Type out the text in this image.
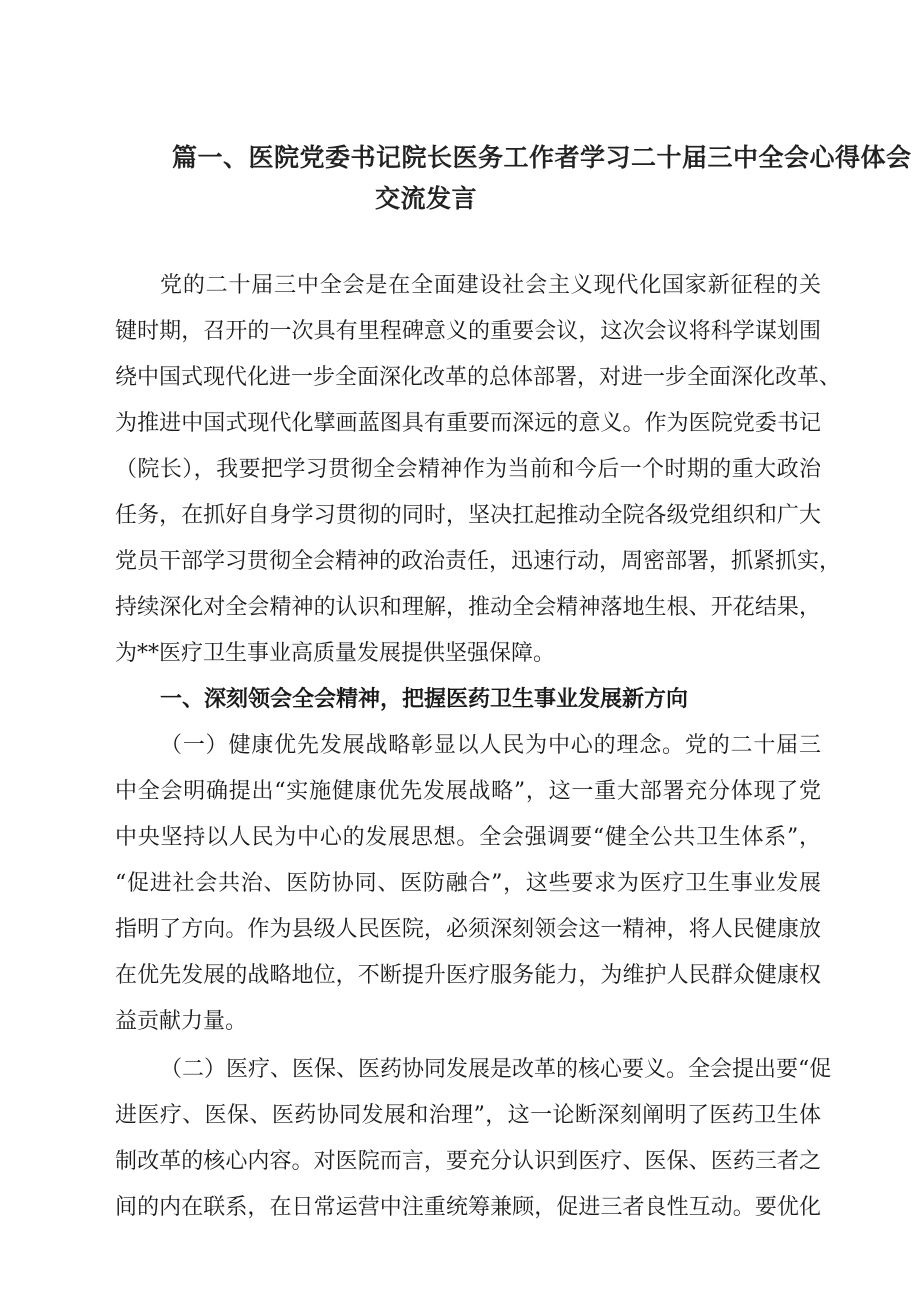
篇一、医院党委书记院长医务工作者学习二十届三中全会心得体会
交流发言
党的二十届三中全会是在全面建设社会主义现代化国家新征程的关
键时期，召开的一次具有里程碑意义的重要会议，这次会议将科学谋划围
绕中国式现代化进一步全面深化改革的总体部署，对进一步全面深化改革、
为推进中国式现代化擘画蓝图具有重要而深远的意义。作为医院党委书记
（院长），我要把学习贯彻全会精神作为当前和今后一个时期的重大政治
任务，在抓好自身学习贯彻的同时，坚决扛起推动全院各级党组织和广大
党员干部学习贯彻全会精神的政治责任，迅速行动，周密部署，抓紧抓实，
持续深化对全会精神的认识和理解，推动全会精神落地生根、开花结果，
为**医疗卫生事业高质量发展提供坚强保障。
一、深刻领会全会精神，把握医药卫生事业发展新方向
（一）健康优先发展战略彰显以人民为中心的理念。党的二十届三
中全会明确提出“实施健康优先发展战略”，这一重大部署充分体现了党
中央坚持以人民为中心的发展思想。全会强调要“健全公共卫生体系”，
“促进社会共治、医防协同、医防融合”，这些要求为医疗卫生事业发展
指明了方向。作为县级人民医院，必须深刻领会这一精神，将人民健康放
在优先发展的战略地位，不断提升医疗服务能力，为维护人民群众健康权
益贡献力量。
（二）医疗、医保、医药协同发展是改革的核心要义。全会提出要“促
进医疗、医保、医药协同发展和治理”，这一论断深刻阐明了医药卫生体
制改革的核心内容。对医院而言，要充分认识到医疗、医保、医药三者之
间的内在联系，在日常运营中注重统筹兼顾，促进三者良性互动。要优化
